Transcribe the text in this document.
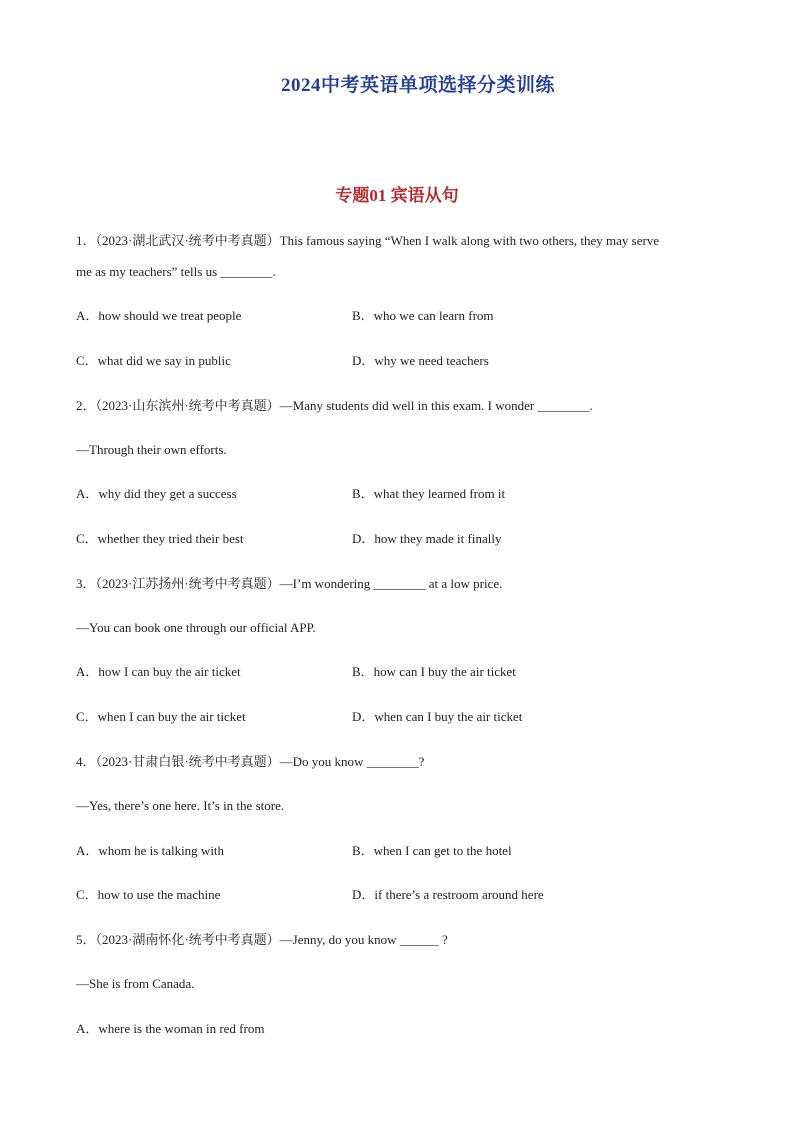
2024中考英语单项选择分类训练
专题01 宾语从句
1．（2023·湖北武汉·统考中考真题）This famous saying “When I walk along with two others, they may serve
me as my teachers” tells us ________.
A．how should we treat people	B．who we can learn from
C．what did we say in public	D．why we need teachers
2．（2023·山东滨州·统考中考真题）—Many students did well in this exam. I wonder ________.
—Through their own efforts.
A．why did they get a success	B．what they learned from it
C．whether they tried their best	D．how they made it finally
3．（2023·江苏扬州·统考中考真题）—I’m wondering ________ at a low price.
—You can book one through our official APP.
A．how I can buy the air ticket	B．how can I buy the air ticket
C．when I can buy the air ticket	D．when can I buy the air ticket
4．（2023·甘肃白银·统考中考真题）—Do you know ________?
—Yes, there’s one here. It’s in the store.
A．whom he is talking with	B．when I can get to the hotel
C．how to use the machine	D．if there’s a restroom around here
5．（2023·湖南怀化·统考中考真题）—Jenny, do you know ______ ?
—She is from Canada.
A．where is the woman in red from
